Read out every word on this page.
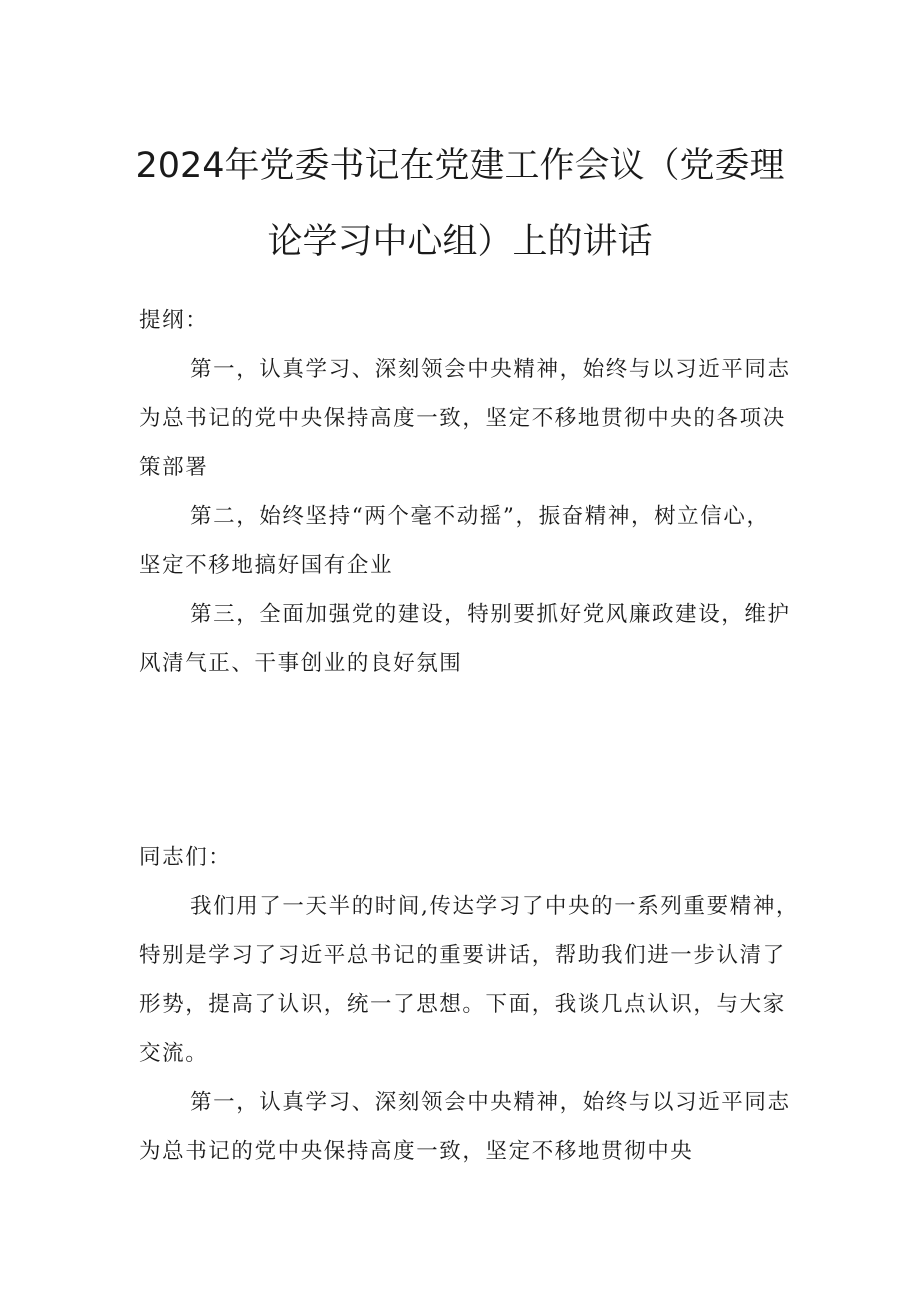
2024年党委书记在党建工作会议（党委理
论学习中心组）上的讲话
提纲：
第一，认真学习、深刻领会中央精神，始终与以习近平同志
为总书记的党中央保持高度一致，坚定不移地贯彻中央的各项决
策部署
第二，始终坚持“两个毫不动摇”，振奋精神，树立信心，
坚定不移地搞好国有企业
第三，全面加强党的建设，特别要抓好党风廉政建设，维护
风清气正、干事创业的良好氛围
同志们：
我们用了一天半的时间,传达学习了中央的一系列重要精神，
特别是学习了习近平总书记的重要讲话，帮助我们进一步认清了
形势，提高了认识，统一了思想。下面，我谈几点认识，与大家
交流。
第一，认真学习、深刻领会中央精神，始终与以习近平同志
为总书记的党中央保持高度一致，坚定不移地贯彻中央
